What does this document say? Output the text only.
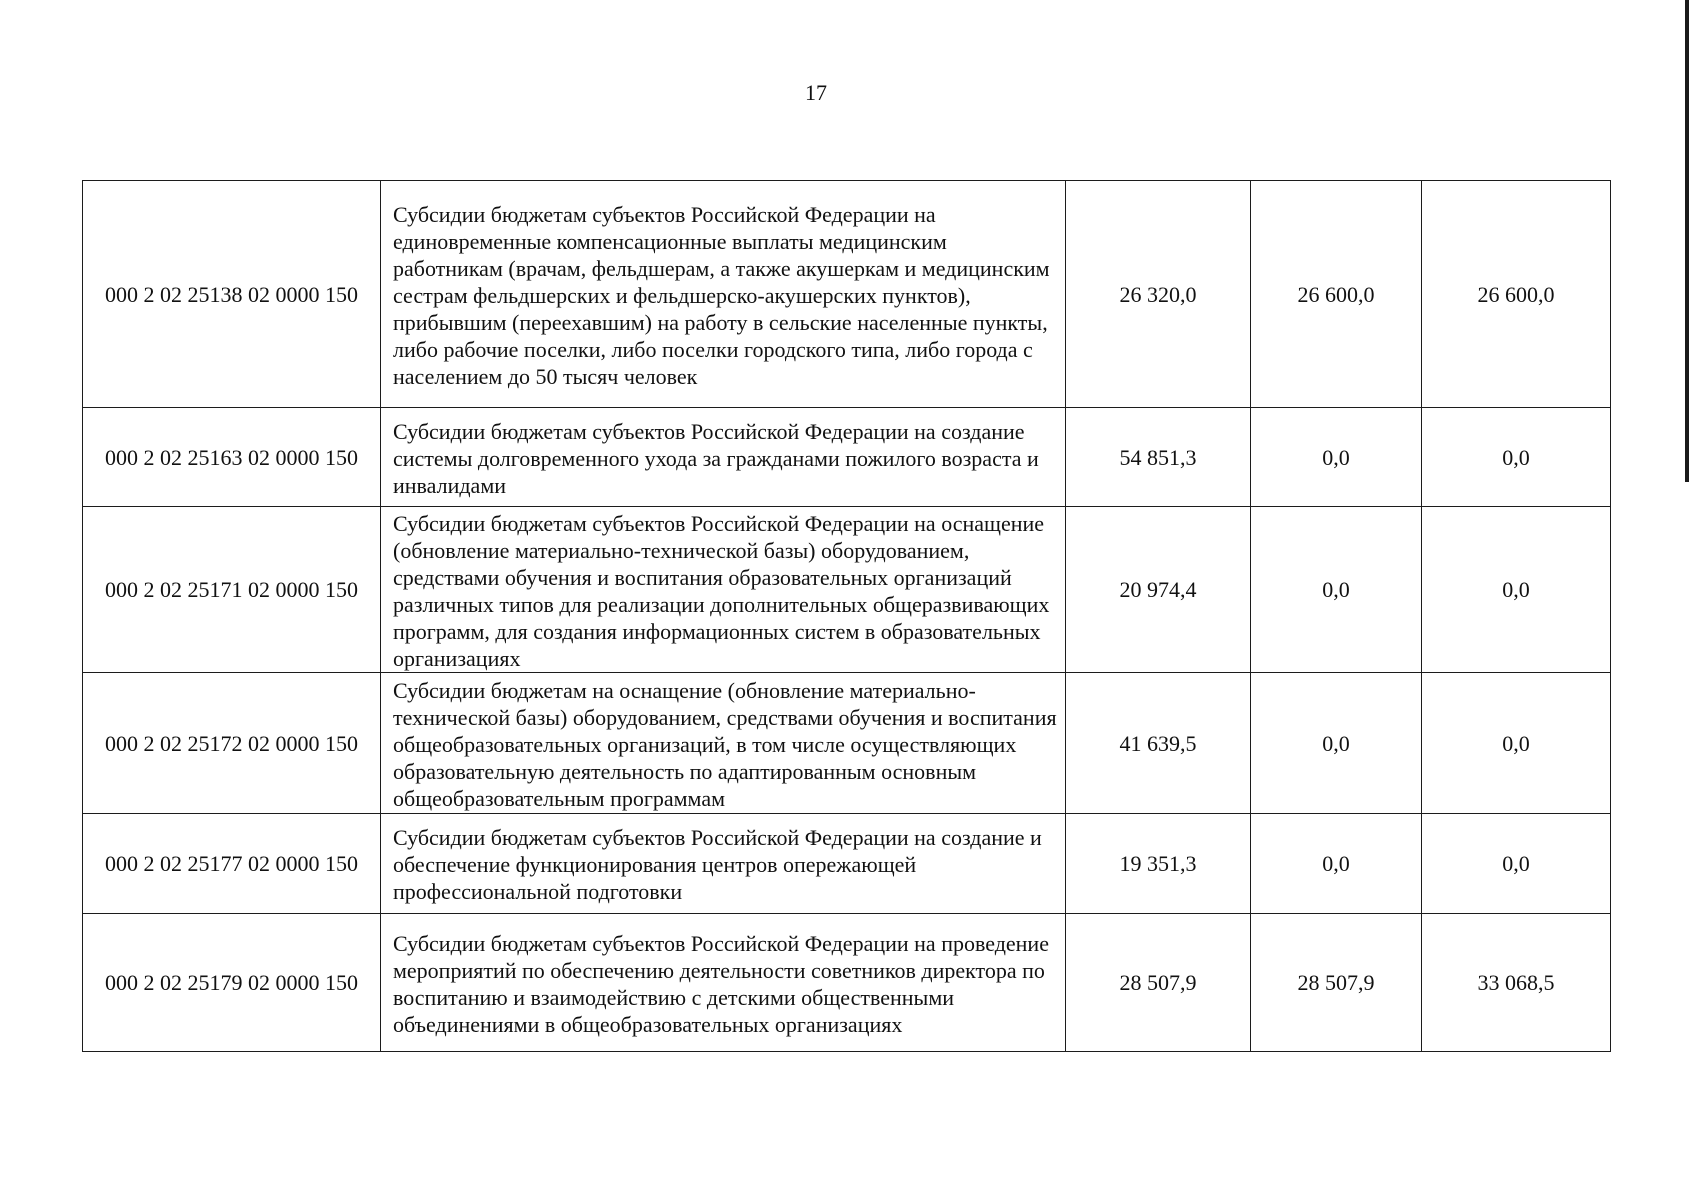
17
000 2 02 25138 02 0000 150	Субсидии бюджетам субъектов Российской Федерации на единовременные компенсационные выплаты медицинским работникам (врачам, фельдшерам, а также акушеркам и медицинским сестрам фельдшерских и фельдшерско-акушерских пунктов), прибывшим (переехавшим) на работу в сельские населенные пункты, либо рабочие поселки, либо поселки городского типа, либо города с населением до 50 тысяч человек	26 320,0	26 600,0	26 600,0
000 2 02 25163 02 0000 150	Субсидии бюджетам субъектов Российской Федерации на создание системы долговременного ухода за гражданами пожилого возраста и инвалидами	54 851,3	0,0	0,0
000 2 02 25171 02 0000 150	Субсидии бюджетам субъектов Российской Федерации на оснащение (обновление материально-технической базы) оборудованием, средствами обучения и воспитания образовательных организаций различных типов для реализации дополнительных общеразвивающих программ, для создания информационных систем в образовательных организациях	20 974,4	0,0	0,0
000 2 02 25172 02 0000 150	Субсидии бюджетам на оснащение (обновление материально-технической базы) оборудованием, средствами обучения и воспитания общеобразовательных организаций, в том числе осуществляющих образовательную деятельность по адаптированным основным общеобразовательным программам	41 639,5	0,0	0,0
000 2 02 25177 02 0000 150	Субсидии бюджетам субъектов Российской Федерации на создание и обеспечение функционирования центров опережающей профессиональной подготовки	19 351,3	0,0	0,0
000 2 02 25179 02 0000 150	Субсидии бюджетам субъектов Российской Федерации на проведение мероприятий по обеспечению деятельности советников директора по воспитанию и взаимодействию с детскими общественными объединениями в общеобразовательных организациях	28 507,9	28 507,9	33 068,5
